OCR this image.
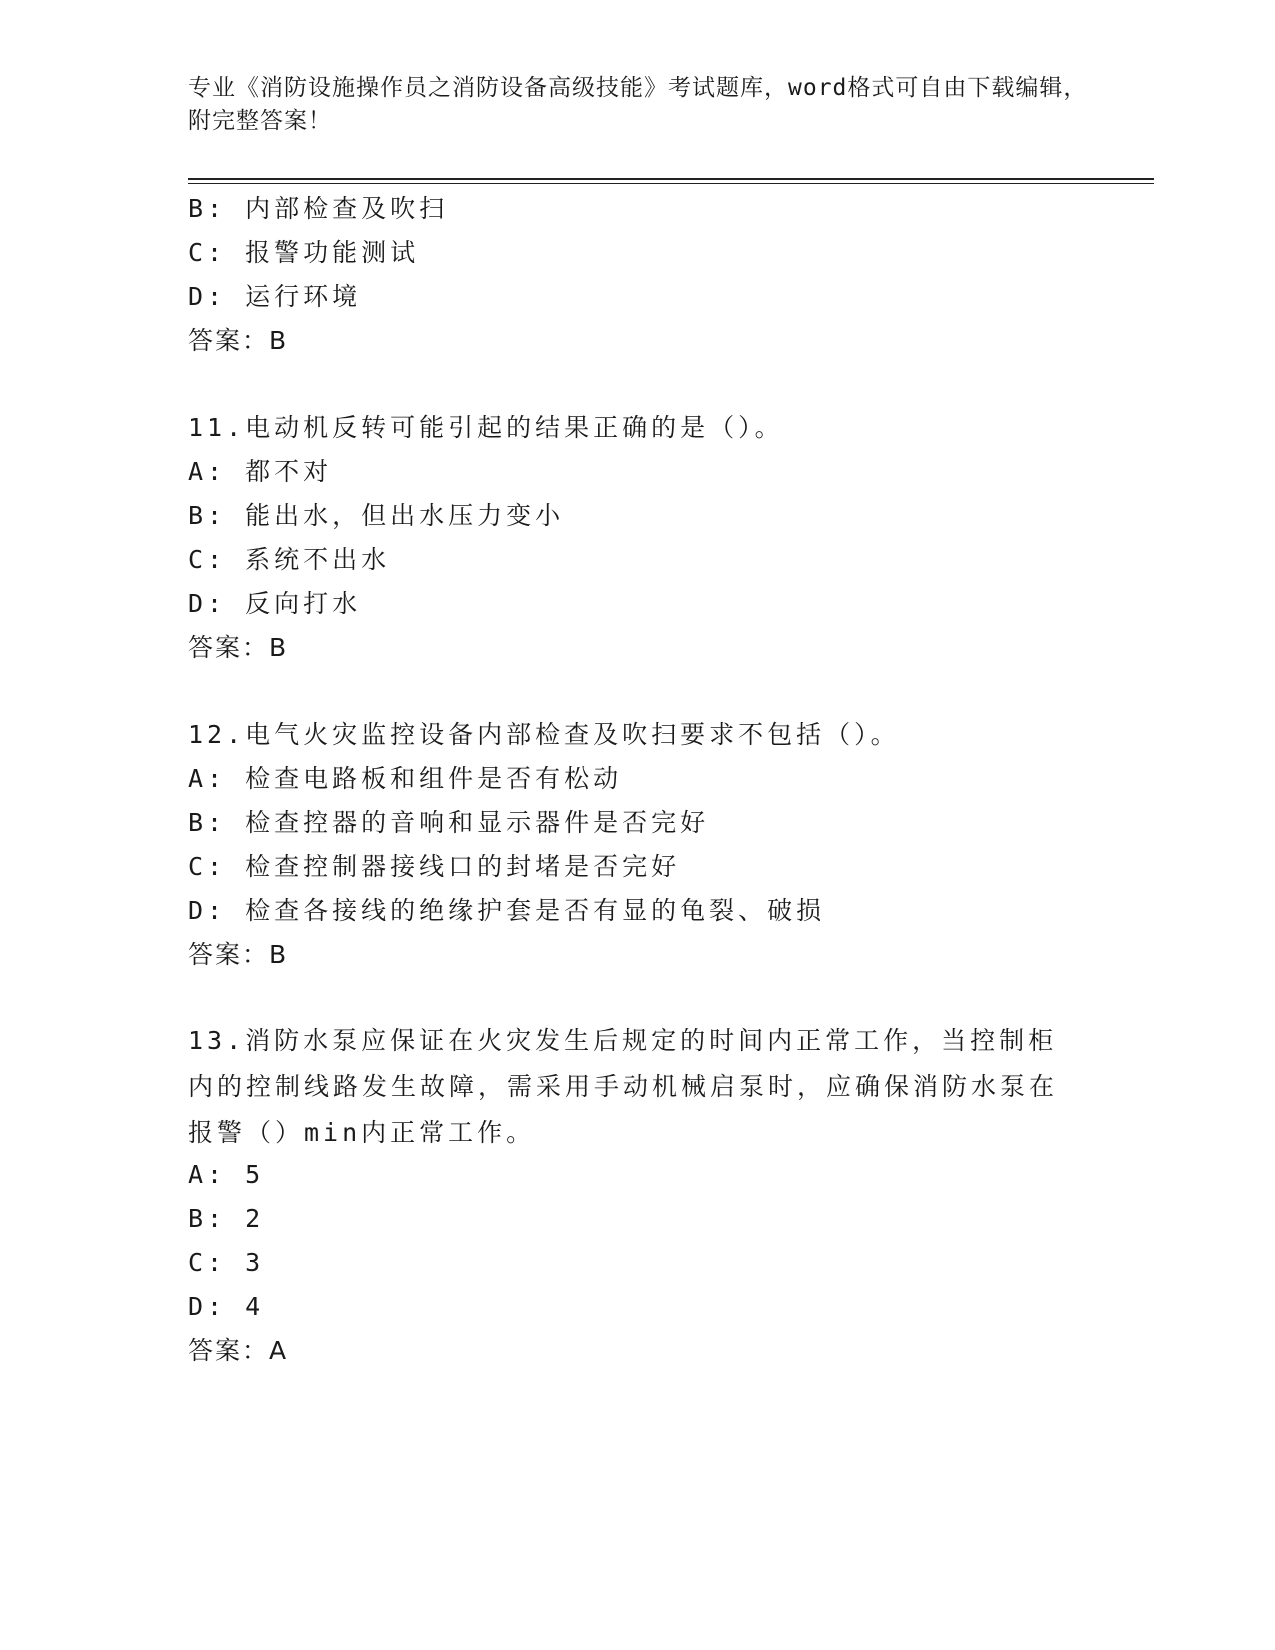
专业《消防设施操作员之消防设备高级技能》考试题库，word格式可自由下载编辑，附完整答案！
B: 内部检查及吹扫
C: 报警功能测试
D: 运行环境
答案：B
11.电动机反转可能引起的结果正确的是（）。
A: 都不对
B: 能出水，但出水压力变小
C: 系统不出水
D: 反向打水
答案：B
12.电气火灾监控设备内部检查及吹扫要求不包括（）。
A: 检查电路板和组件是否有松动
B: 检查控器的音响和显示器件是否完好
C: 检查控制器接线口的封堵是否完好
D: 检查各接线的绝缘护套是否有显的龟裂、破损
答案：B
13.消防水泵应保证在火灾发生后规定的时间内正常工作，当控制柜内的控制线路发生故障，需采用手动机械启泵时，应确保消防水泵在报警（）min内正常工作。
A: 5
B: 2
C: 3
D: 4
答案：A
